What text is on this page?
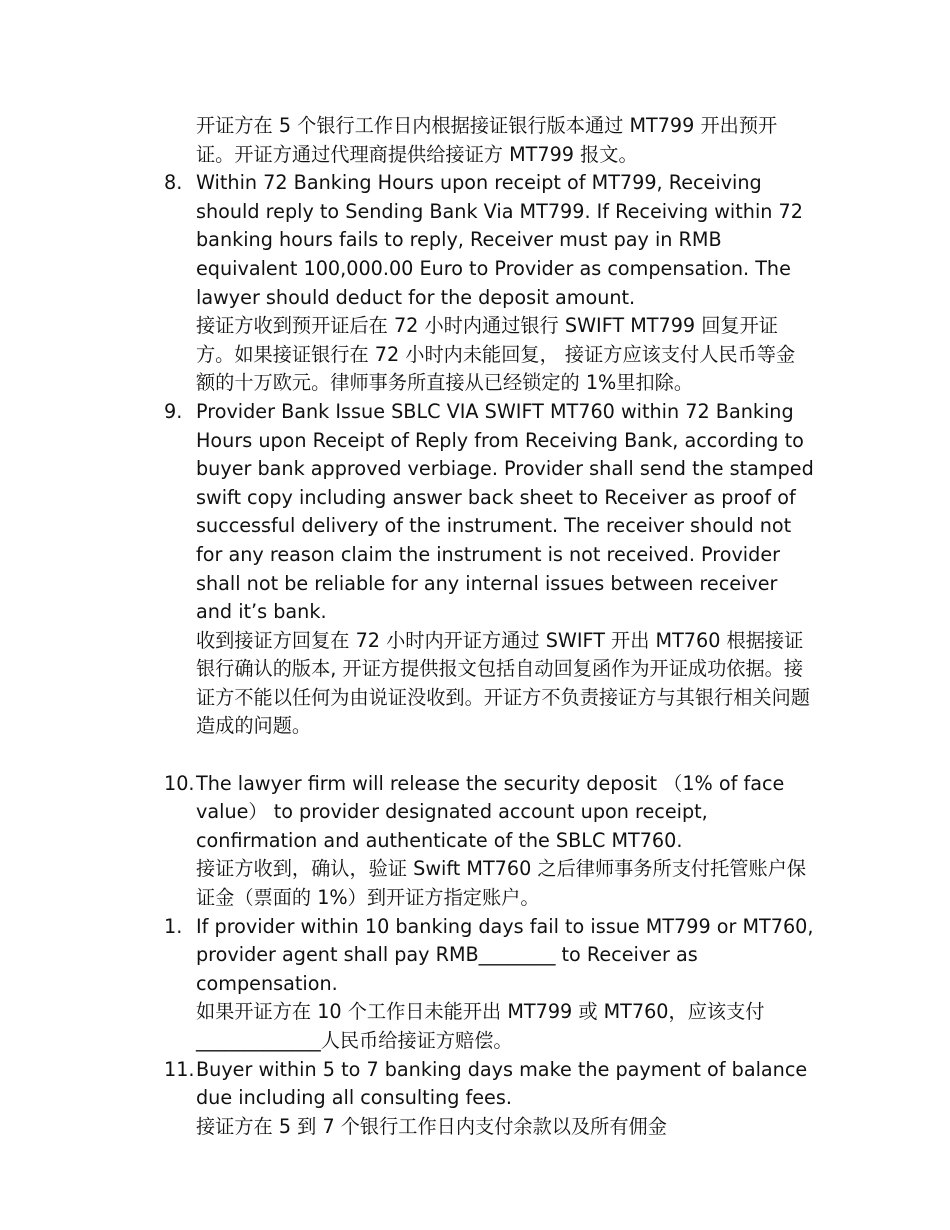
开证方在 5 个银行工作日内根据接证银行版本通过 MT799 开出预开证。开证方通过代理商提供给接证方 MT799 报文。
8. Within 72 Banking Hours upon receipt of MT799, Receiving should reply to Sending Bank Via MT799. If Receiving within 72 banking hours fails to reply, Receiver must pay in RMB equivalent 100,000.00 Euro to Provider as compensation. The lawyer should deduct for the deposit amount.
接证方收到预开证后在 72 小时内通过银行 SWIFT MT799 回复开证方。如果接证银行在 72 小时内未能回复， 接证方应该支付人民币等金额的十万欧元。律师事务所直接从已经锁定的 1%里扣除。
9. Provider Bank Issue SBLC VIA SWIFT MT760 within 72 Banking Hours upon Receipt of Reply from Receiving Bank, according to buyer bank approved verbiage. Provider shall send the stamped swift copy including answer back sheet to Receiver as proof of successful delivery of the instrument. The receiver should not for any reason claim the instrument is not received. Provider shall not be reliable for any internal issues between receiver and it’s bank.
收到接证方回复在 72 小时内开证方通过 SWIFT 开出 MT760 根据接证银行确认的版本, 开证方提供报文包括自动回复函作为开证成功依据。接证方不能以任何为由说证没收到。开证方不负责接证方与其银行相关问题造成的问题。
10. The lawyer firm will release the security deposit （1% of face value） to provider designated account upon receipt, confirmation and authenticate of the SBLC MT760.
接证方收到，确认，验证 Swift MT760 之后律师事务所支付托管账户保证金（票面的 1%）到开证方指定账户。
1. If provider within 10 banking days fail to issue MT799 or MT760, provider agent shall pay RMB________ to Receiver as compensation.
如果开证方在 10 个工作日未能开出 MT799 或 MT760，应该支付_____________人民币给接证方赔偿。
11. Buyer within 5 to 7 banking days make the payment of balance due including all consulting fees.
接证方在 5 到 7 个银行工作日内支付余款以及所有佣金
